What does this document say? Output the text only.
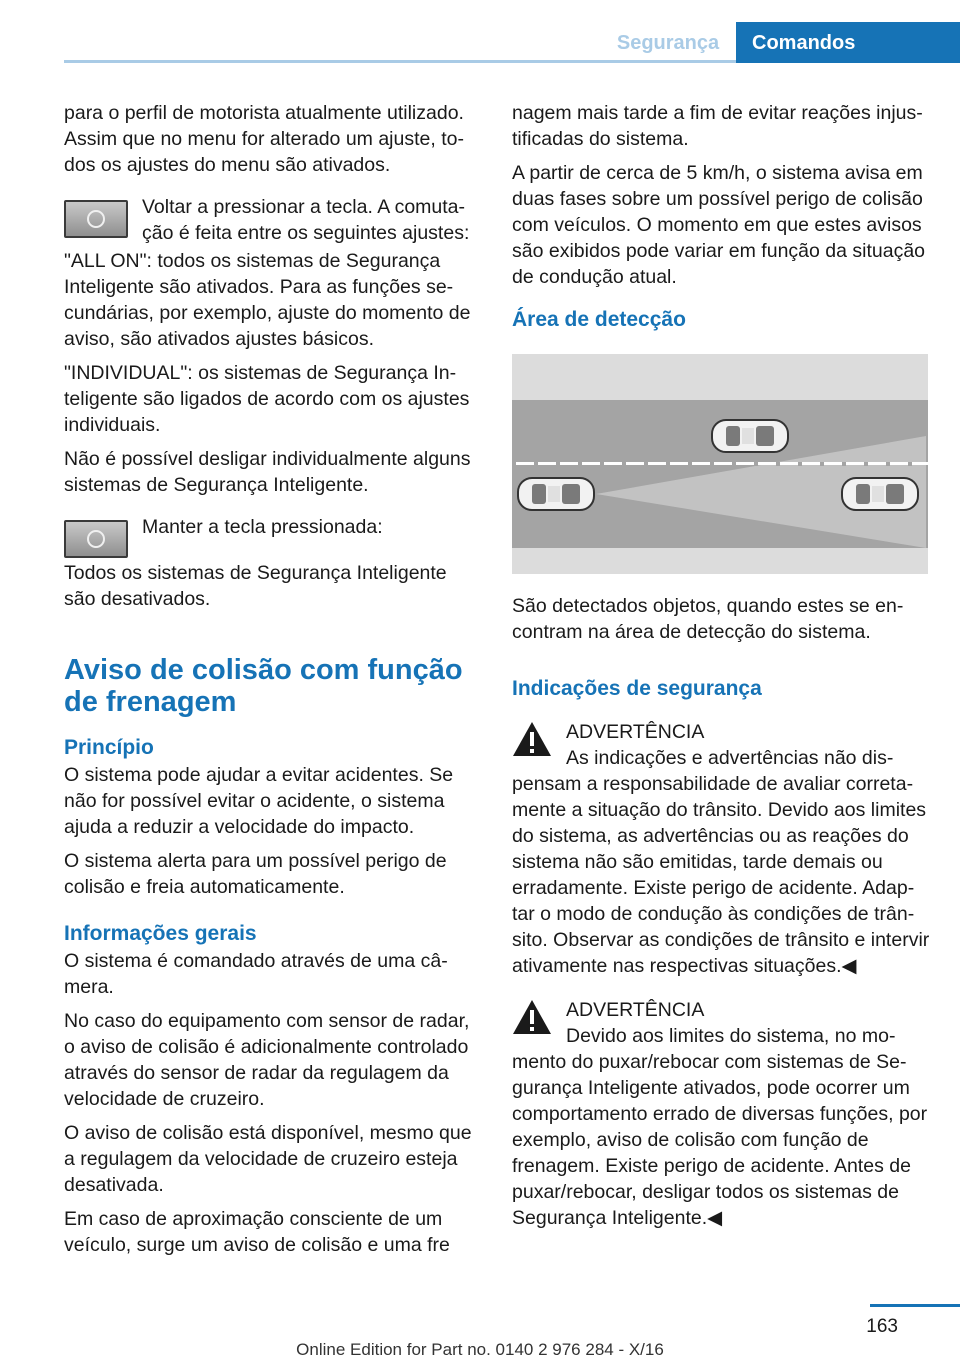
Segurança	Comandos

para o perfil de motorista atualmente utilizado. Assim que no menu for alterado um ajuste, todos os ajustes do menu são ativados.

Voltar a pressionar a tecla. A comutação é feita entre os seguintes ajustes:

"ALL ON": todos os sistemas de Segurança Inteligente são ativados. Para as funções secundárias, por exemplo, ajuste do momento de aviso, são ativados ajustes básicos.

"INDIVIDUAL": os sistemas de Segurança Inteligente são ligados de acordo com os ajustes individuais.

Não é possível desligar individualmente alguns sistemas de Segurança Inteligente.

Manter a tecla pressionada:

Todos os sistemas de Segurança Inteligente são desativados.

Aviso de colisão com função de frenagem
Princípio

O sistema pode ajudar a evitar acidentes. Se não for possível evitar o acidente, o sistema ajuda a reduzir a velocidade do impacto.

O sistema alerta para um possível perigo de colisão e freia automaticamente.

Informações gerais

O sistema é comandado através de uma câmera.

No caso do equipamento com sensor de radar, o aviso de colisão é adicionalmente controlado através do sensor de radar da regulagem da velocidade de cruzeiro.

O aviso de colisão está disponível, mesmo que a regulagem da velocidade de cruzeiro esteja desativada.

Em caso de aproximação consciente de um veículo, surge um aviso de colisão e uma fre

nagem mais tarde a fim de evitar reações injustificadas do sistema.

A partir de cerca de 5 km/h, o sistema avisa em duas fases sobre um possível perigo de colisão com veículos. O momento em que estes avisos são exibidos pode variar em função da situação de condução atual.

Área de detecção

São detectados objetos, quando estes se encontram na área de detecção do sistema.

Indicações de segurança
ADVERTÊNCIA
As indicações e advertências não dispensam a responsabilidade de avaliar corretamente a situação do trânsito. Devido aos limites do sistema, as advertências ou as reações do sistema não são emitidas, tarde demais ou erradamente. Existe perigo de acidente. Adaptar o modo de condução às condições de trânsito. Observar as condições de trânsito e intervir ativamente nas respectivas situações.◀
ADVERTÊNCIA
Devido aos limites do sistema, no momento do puxar/rebocar com sistemas de Segurança Inteligente ativados, pode ocorrer um comportamento errado de diversas funções, por exemplo, aviso de colisão com função de frenagem. Existe perigo de acidente. Antes de puxar/rebocar, desligar todos os sistemas de Segurança Inteligente.◀
163
Online Edition for Part no. 0140 2 976 284 - X/16
